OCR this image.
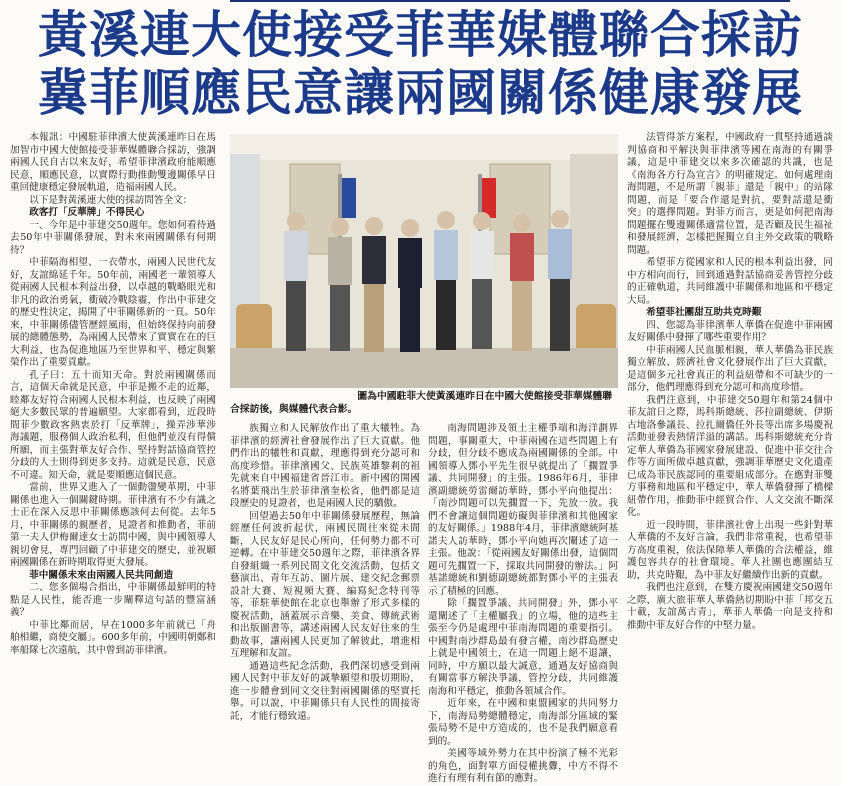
黃溪連大使接受菲華媒體聯合採訪
冀菲順應民意讓兩國關係健康發展

本報訊：中國駐菲律濱大使黃溪連昨日在馬加智市中國大使館接受菲華媒體聯合採訪，強調兩國人民自古以來友好，希望菲律濱政府能順應民意，順應民意，以實際行動推動雙邊關係早日重回健康穩定發展軌道，造福兩國人民。

以下是對黃溪連大使的採訪問答全文：

政客打「反華牌」不得民心

一、今年是中菲建交50週年。您如何看待過去50年中菲關係發展，對未來兩國關係有何期待？

中菲隔海相望、一衣帶水，兩國人民世代友好，友誼綿延千年。50年前，兩國老一輩領導人從兩國人民根本利益出發，以卓越的戰略眼光和非凡的政治勇氣，衝破冷戰陰霾，作出中菲建交的歷史性決定，揭開了中菲關係新的一頁。50年來，中菲關係儘管歷經風雨，但始終保持向前發展的總體態勢，為兩國人民帶來了實實在在的巨大利益，也為促進地區乃至世界和平、穩定與繁榮作出了重要貢獻。

孔子曰：五十而知天命。對於兩國關係而言，這個天命就是民意，中菲是搬不走的近鄰，睦鄰友好符合兩國人民根本利益，也反映了兩國絕大多數民眾的普遍願望。大家都看到，近段時間菲少數政客熱衷於打「反華牌」，操弄涉華涉海議題，服務個人政治私利，但他們並沒有得償所願，而主張對華友好合作、堅持對話協商管控分歧的人士則得到更多支持。這就是民意，民意不可違。知天命，就是要順應這個民意。

當前，世界又進入了一個動盪變革期，中菲關係也進入一個關鍵時期。菲律濱有不少有識之士正在深入反思中菲關係應該何去何從。去年5月，中菲關係的親歷者，見證者和推動者，菲前第一夫人伊梅爾達女士訪問中國，與中國領導人親切會見，專門回顧了中菲建交的歷史，並祝願兩國關係在新時期取得更大發展。

菲中關係未來由兩國人民共同創造

二、您多個場合指出，中菲關係最鮮明的特點是人民性，能否進一步闡釋這句話的豐富涵義？

中菲比鄰而居，早在1000多年前就已「舟舶相繼，商使交屬」。600多年前，中國明朝鄭和率船隊七次遠航，其中曾到訪菲律濱。

圖為中國駐菲大使黃溪連昨日在中國大使館接受菲華媒體聯合採訪後，與媒體代表合影。

族獨立和人民解放作出了重大犧牲。為菲律濱的經濟社會發展作出了巨大貢獻。他們作出的犧牲和貢獻，理應得到充分認可和高度珍惜。菲律濱國父、民族英雄黎剎的祖先就來自中國福建省晉江市。新中國的開國名將葉飛出生於菲律濱奎松省，他們都是這段歷史的見證者，也是兩國人民的驕傲。

回望過去50年中菲關係發展歷程，無論經歷任何波折起伏，兩國民間往來從未間斷，人民友好是民心所向，任何勢力都不可逆轉。在中菲建交50週年之際，菲律濱各界自發組織一系列民間文化交流活動，包括文藝演出、青年互訪、圖片展、建交紀念郵票設計大賽、短視頻大賽、編寫紀念特刊等等，菲駐華使館在北京也舉辦了形式多樣的慶祝活動，涵蓋展示音樂、美食、傳統武術和出版圖書等，講述兩國人民友好往來的生動故事，讓兩國人民更加了解彼此，增進相互理解和友誼。

通過這些紀念活動，我們深切感受到兩國人民對中菲友好的誠摯願望和殷切期盼，進一步體會到同文交往對兩國關係的堅實托舉。可以說，中菲關係只有人民性的間接寄託，才能行穩致遠。

南海問題涉及領土主權爭端和海洋劃界問題，事關重大，中菲兩國在這些問題上有分歧，但分歧不應成為兩國關係的全部。中國領導人鄧小平先生很早就提出了「擱置爭議、共同開發」的主張。1986年6月，菲律濱副總統勞雷爾訪華時，鄧小平向他提出：「南沙問題可以先擱置一下，先放一放。我們不會讓這個問題妨礙與菲律濱和其他國家的友好關係。」1988年4月，菲律濱總統阿基諾夫人訪華時，鄧小平向她再次闡述了這一主張。他說：「從兩國友好關係出發，這個問題可先擱置一下，採取共同開發的辦法。」阿基諾總統和劉德副總統都對鄧小平的主張表示了積極的回應。

除「擱置爭議、共同開發」外，鄧小平還闡述了「主權屬我」的立場，他的這些主張至今仍是處理中菲南海問題的重要指引。中國對南沙群島最有發言權，南沙群島歷史上就是中國領土，在這一問題上絕不退讓，同時，中方願以最大誠意，通過友好協商與有關當事方解決爭議，管控分歧，共同維護南海和平穩定，推動各領域合作。

近年來，在中國和東盟國家的共同努力下，南海局勢總體穩定，南海部分區域的緊張局勢不是中方造成的，也不是我們願意看到的。

美國等域外勢力在其中扮演了極不光彩的角色，面對單方面侵權挑釁，中方不得不進行有理有利有節的應對。

法管得茶方案程，中國政府一貫堅持通過談判協商和平解決與菲律濱等國在南海的有關爭議，這是中菲建交以來多次確認的共識，也是《南海各方行為宣言》的明確規定。如何處理南海問題，不是所謂「親菲」還是「親中」的站隊問題，而是「要合作還是對抗，要對話還是衝突」的選擇問題。對菲方而言，更是如何把南海問題擺在雙邊關係適當位置，是否顧及民生福祉和發展經濟，怎樣把握獨立自主外交政策的戰略問題。

希望菲方從國家和人民的根本利益出發，同中方相向而行，回到通過對話協商妥善管控分歧的正確軌道，共同維護中菲關係和地區和平穩定大局。

希望菲社團甜互助共克時艱

四、您認為菲律濱華人華僑在促進中菲兩國友好關係中發揮了哪些重要作用？

中菲兩國人民血脈相親，華人華僑為菲民族獨立解放、經濟社會文化發展作出了巨大貢獻，是這個多元社會真正的利益紐帶和不可缺少的一部分，他們理應得到充分認可和高度珍惜。

我們注意到，中菲建交50週年和第24個中菲友誼日之際，馬科斯總統、莎拉副總統、伊斯古地洛參議長、拉扎爾僑任外長等出席多場慶祝活動並發表熱情洋溢的講話。馬科斯總統充分肯定華人華僑為菲國家發展建設、促進中菲交往合作等方面所做卓越貢獻，強調菲華歷史文化遺產已成為菲民族認同的重要組成部分。在應對菲雙方事務和地區和平穩定中，華人華僑發揮了橋樑紐帶作用，推動菲中經貿合作、人文交流不斷深化。

近一段時間，菲律濱社會上出現一些針對華人華僑的不友好言論，我們非常重視，也希望菲方高度重視，依法保障華人華僑的合法權益，維護包容共存的社會環境。華人社團也應團結互助，共克時艱，為中菲友好繼續作出新的貢獻。

我們也注意到，在雙方慶祝兩國建交50週年之際，廣大旅菲華人華僑熱切期盼中菲「邦交五十載，友誼萬古青」，華菲人華僑一向是支持和推動中菲友好合作的中堅力量。
